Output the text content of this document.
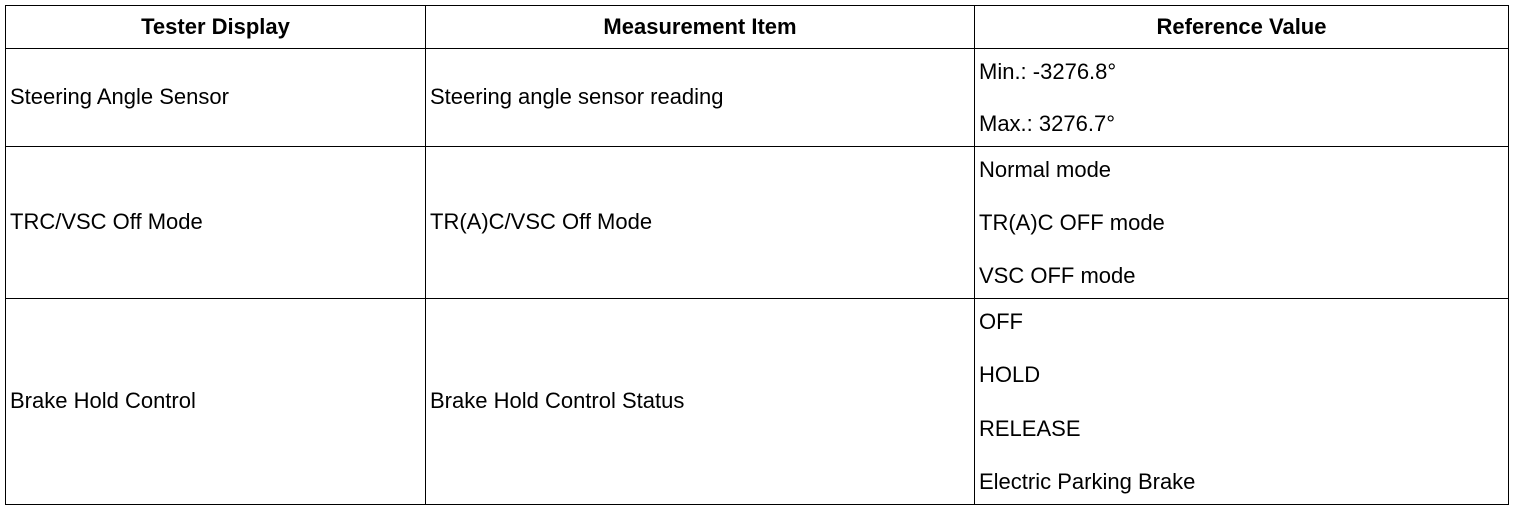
Tester Display	Measurement Item	Reference Value
Steering Angle Sensor	Steering angle sensor reading	Min.: -3276.8°
Max.: 3276.7°

TRC/VSC Off Mode	TR(A)C/VSC Off Mode	Normal mode
TR(A)C OFF mode
VSC OFF mode

Brake Hold Control	Brake Hold Control Status	OFF
HOLD
RELEASE
Electric Parking Brake
